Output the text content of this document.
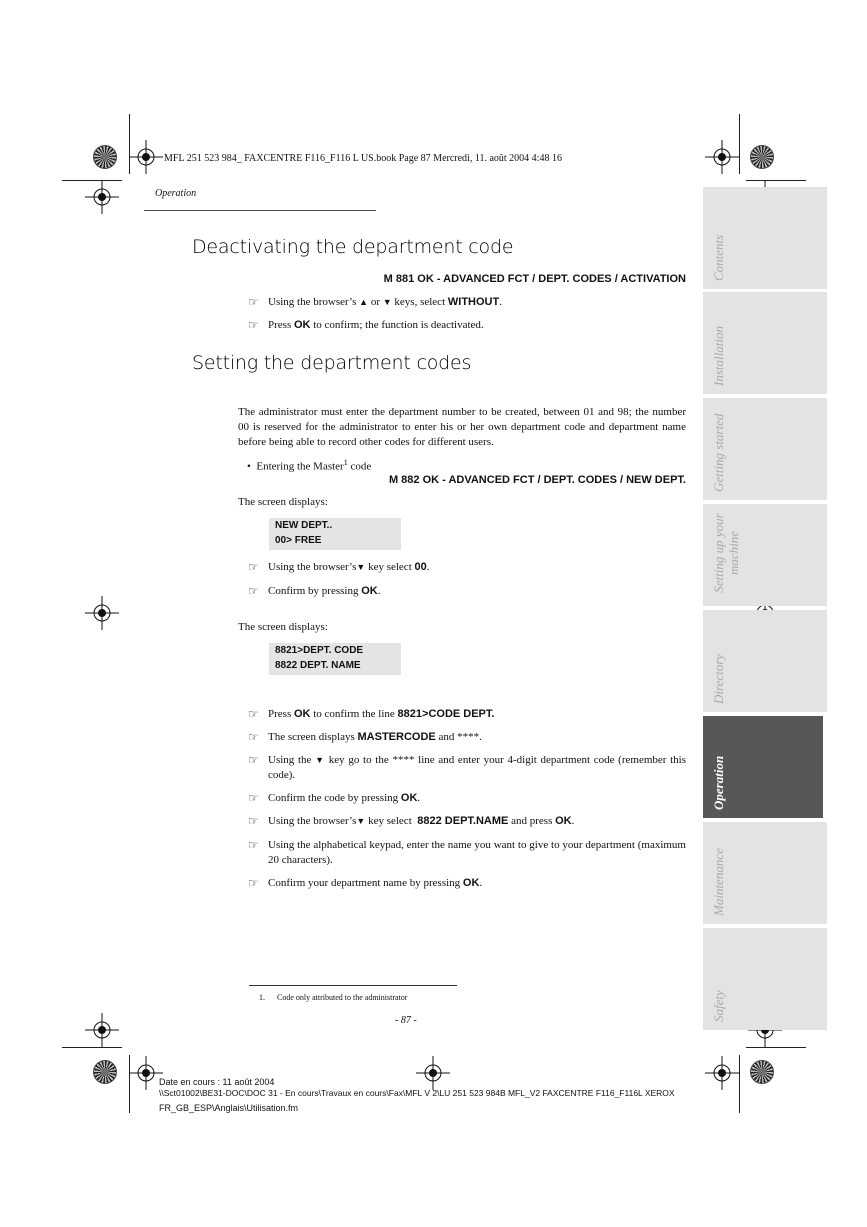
MFL 251 523 984_ FAXCENTRE F116_F116 L US.book Page 87 Mercredi, 11. août 2004 4:48 16
Operation
Contents
Installation
Getting started
Setting up your machine
Directory
Operation
Maintenance
Safety
Deactivating the department code
M 881 OK - ADVANCED FCT / DEPT. CODES / ACTIVATION
☞ Using the browser’s ▲ or ▼ keys, select WITHOUT.
☞ Press OK to confirm; the function is deactivated.
Setting the department codes
The administrator must enter the department number to be created, between 01 and 98; the number 00 is reserved for the administrator to enter his or her own department code and department name before being able to record other codes for different users.
•  Entering the Master$^1$ code
M 882 OK - ADVANCED FCT / DEPT. CODES / NEW DEPT.
The screen displays:
NEW DEPT..
00> FREE
☞ Using the browser’s▼ key select 00.
☞ Confirm by pressing OK.
The screen displays:
8821>DEPT. CODE
8822 DEPT. NAME
☞ Press OK to confirm the line 8821>CODE DEPT.
☞ The screen displays MASTERCODE and ****.
☞ Using the ▼ key go to the **** line and enter your 4-digit department code (remember this code).
☞ Confirm the code by pressing OK.
☞ Using the browser’s▼ key select 8822 DEPT.NAME and press OK.
☞ Using the alphabetical keypad, enter the name you want to give to your department (maximum 20 characters).
☞ Confirm your department name by pressing OK.
1. Code only attributed to the administrator
- 87 -
Date en cours : 11 août 2004
\\Sct01002\BE31-DOC\DOC 31 - En cours\Travaux en cours\Fax\MFL V 2\LU 251 523 984B MFL_V2 FAXCENTRE F116_F116L XEROX
FR_GB_ESP\Anglais\Utilisation.fm
